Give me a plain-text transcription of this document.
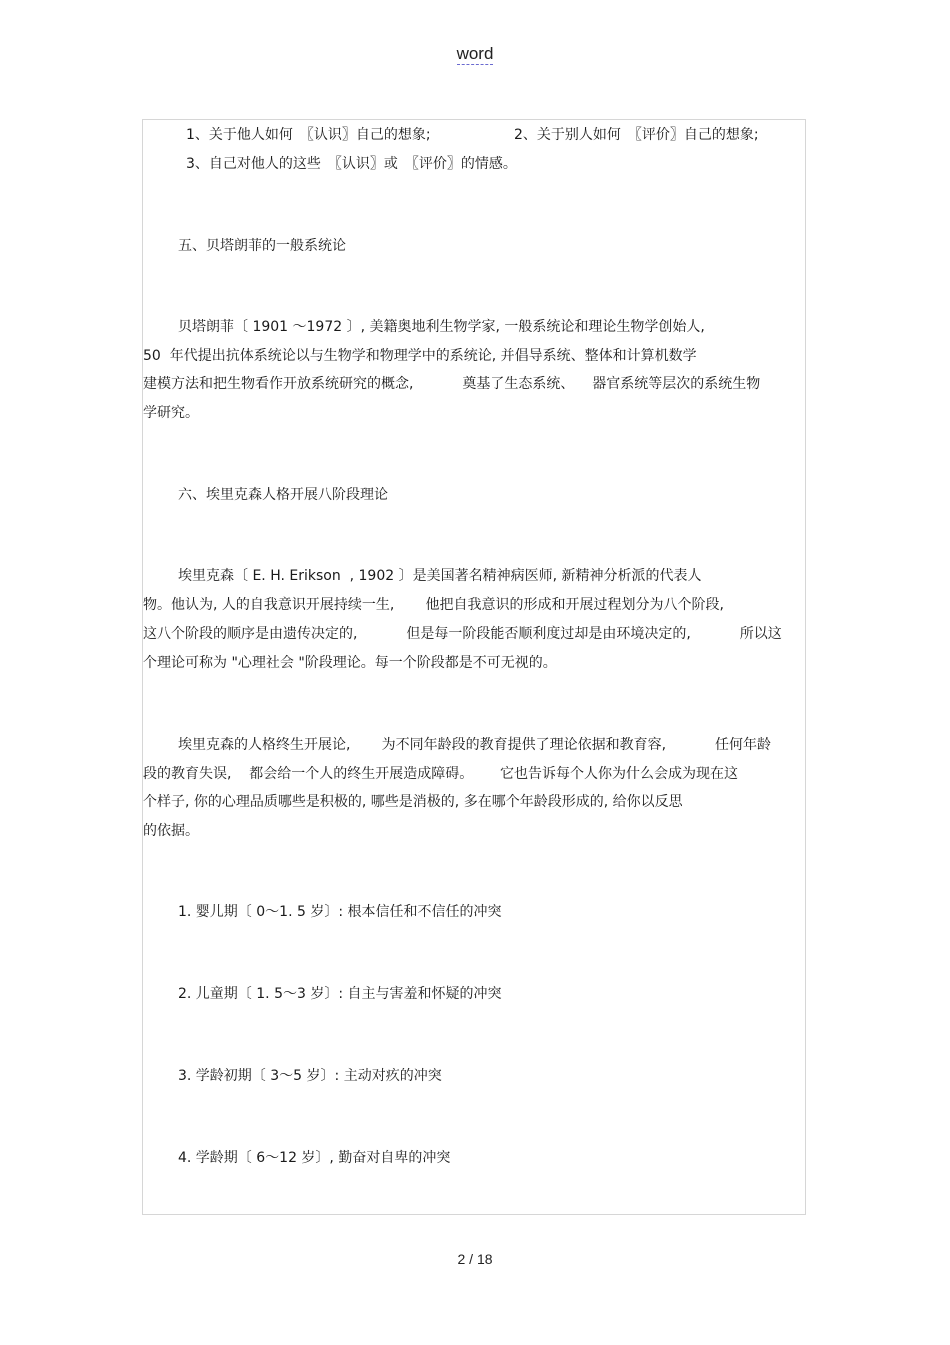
word
1、关于他人如何　〖认识〗自己的想象;	2、关于别人如何　〖评价〗自己的想象;
3、自己对他人的这些　〖认识〗或　〖评价〗的情感。
五、贝塔朗菲的一般系统论
贝塔朗菲〔 1901 ～1972 〕, 美籍奥地利生物学家, 一般系统论和理论生物学创始人,
50  年代提出抗体系统论以与生物学和物理学中的系统论, 并倡导系统、整体和计算机数学
建模方法和把生物看作开放系统研究的概念,           奠基了生态系统、    器官系统等层次的系统生物
学研究。
六、埃里克森人格开展八阶段理论
埃里克森〔 E. H. Erikson  , 1902 〕是美国著名精神病医师, 新精神分析派的代表人
物。他认为, 人的自我意识开展持续一生,       他把自我意识的形成和开展过程划分为八个阶段,
这八个阶段的顺序是由遗传决定的,           但是每一阶段能否顺利度过却是由环境决定的,           所以这
个理论可称为 "心理社会 "阶段理论。每一个阶段都是不可无视的。
埃里克森的人格终生开展论,       为不同年龄段的教育提供了理论依据和教育容,           任何年龄
段的教育失误,    都会给一个人的终生开展造成障碍。      它也告诉每个人你为什么会成为现在这
个样子, 你的心理品质哪些是积极的, 哪些是消极的, 多在哪个年龄段形成的, 给你以反思
的依据。
1. 婴儿期〔 0～1. 5 岁〕: 根本信任和不信任的冲突
2. 儿童期〔 1. 5～3 岁〕: 自主与害羞和怀疑的冲突
3. 学龄初期〔 3～5 岁〕: 主动对疚的冲突
4. 学龄期〔 6～12 岁〕, 勤奋对自卑的冲突
2 / 18
